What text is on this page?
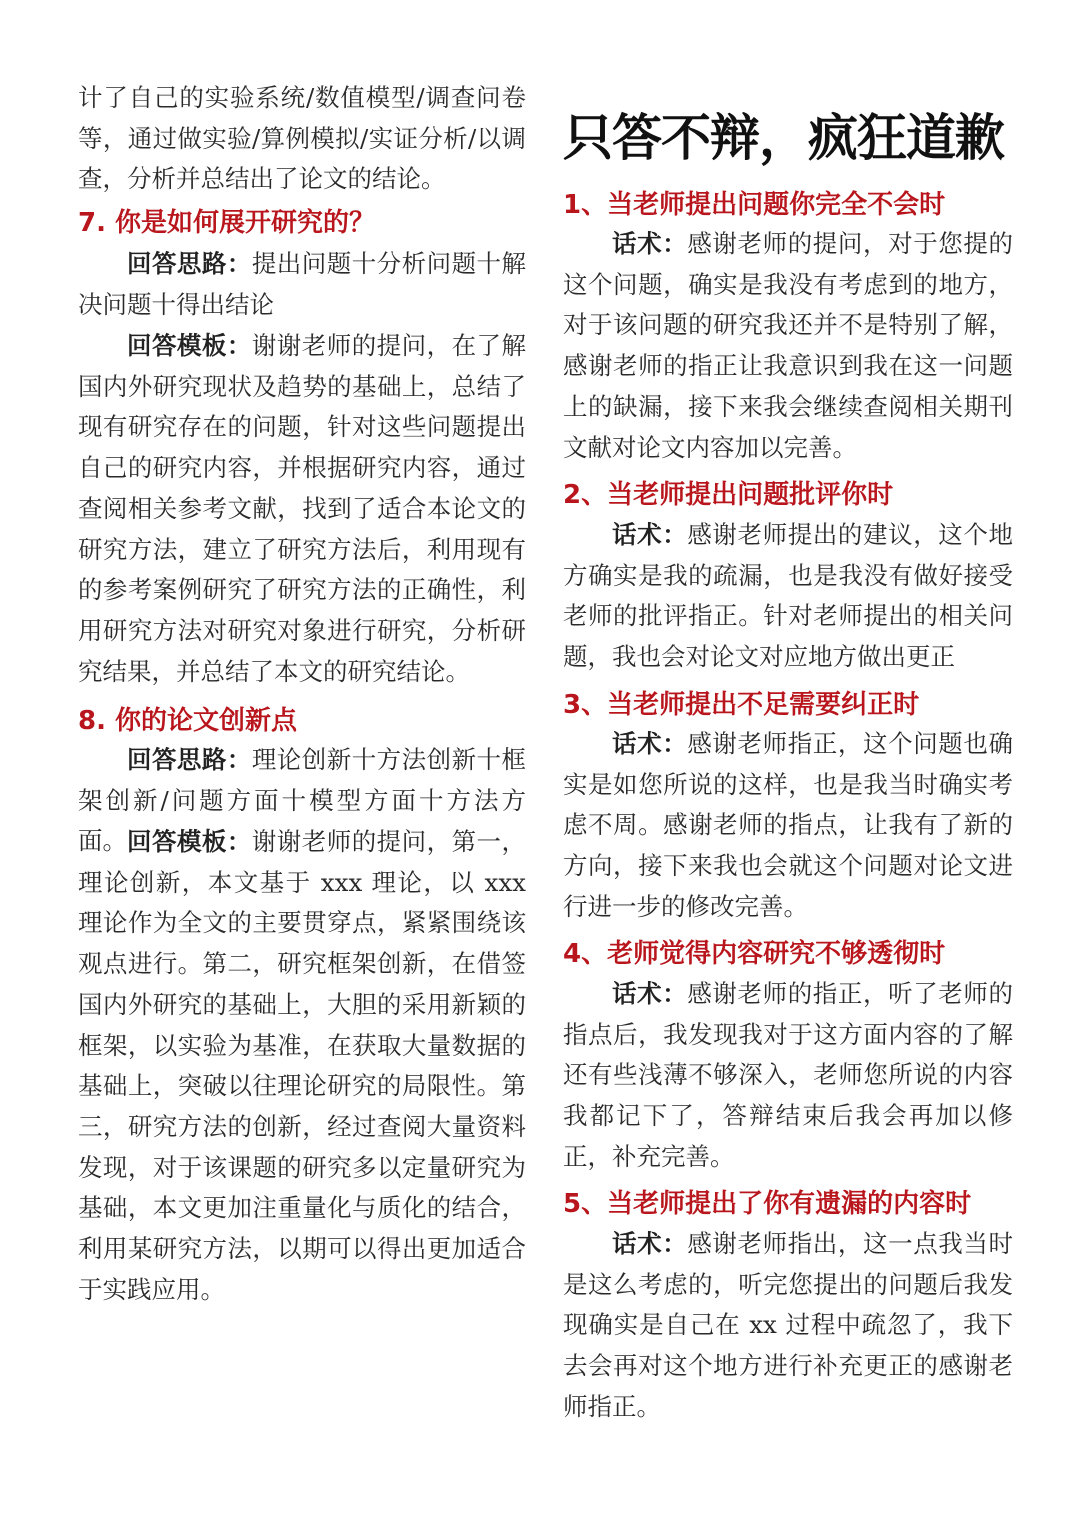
计了自己的实验系统/数值模型/调查问卷等，通过做实验/算例模拟/实证分析/以调查，分析并总结出了论文的结论。

7. 你是如何展开研究的？

回答思路：提出问题十分析问题十解决问题十得出结论

回答模板：谢谢老师的提问，在了解国内外研究现状及趋势的基础上，总结了现有研究存在的问题，针对这些问题提出自己的研究内容，并根据研究内容，通过查阅相关参考文献，找到了适合本论文的研究方法，建立了研究方法后，利用现有的参考案例研究了研究方法的正确性，利用研究方法对研究对象进行研究，分析研究结果，并总结了本文的研究结论。

8. 你的论文创新点

回答思路：理论创新十方法创新十框架创新/问题方面十模型方面十方法方面。 回答模板：谢谢老师的提问，第一，理论创新，本文基于 xxx 理论，以 xxx 理论作为全文的主要贯穿点，紧紧围绕该观点进行。第二，研究框架创新，在借签国内外研究的基础上，大胆的采用新颖的框架，以实验为基准，在获取大量数据的基础上，突破以往理论研究的局限性。第三，研究方法的创新，经过查阅大量资料发现，对于该课题的研究多以定量研究为基础，本文更加注重量化与质化的结合，利用某研究方法，以期可以得出更加适合于实践应用。

只答不辩，疯狂道歉
1、当老师提出问题你完全不会时

话术：感谢老师的提问，对于您提的这个问题，确实是我没有考虑到的地方，对于该问题的研究我还并不是特别了解，感谢老师的指正让我意识到我在这一问题上的缺漏，接下来我会继续查阅相关期刊文献对论文内容加以完善。

2、当老师提出问题批评你时

话术：感谢老师提出的建议，这个地方确实是我的疏漏，也是我没有做好接受老师的批评指正。针对老师提出的相关问题，我也会对论文对应地方做出更正

3、当老师提出不足需要纠正时

话术：感谢老师指正，这个问题也确实是如您所说的这样，也是我当时确实考虑不周。感谢老师的指点，让我有了新的方向，接下来我也会就这个问题对论文进行进一步的修改完善。

4、老师觉得内容研究不够透彻时

话术：感谢老师的指正，听了老师的指点后，我发现我对于这方面内容的了解还有些浅薄不够深入，老师您所说的内容我都记下了，答辩结束后我会再加以修正，补充完善。

5、当老师提出了你有遗漏的内容时

话术：感谢老师指出，这一点我当时是这么考虑的，听完您提出的问题后我发现确实是自己在 xx 过程中疏忽了，我下去会再对这个地方进行补充更正的感谢老师指正。
